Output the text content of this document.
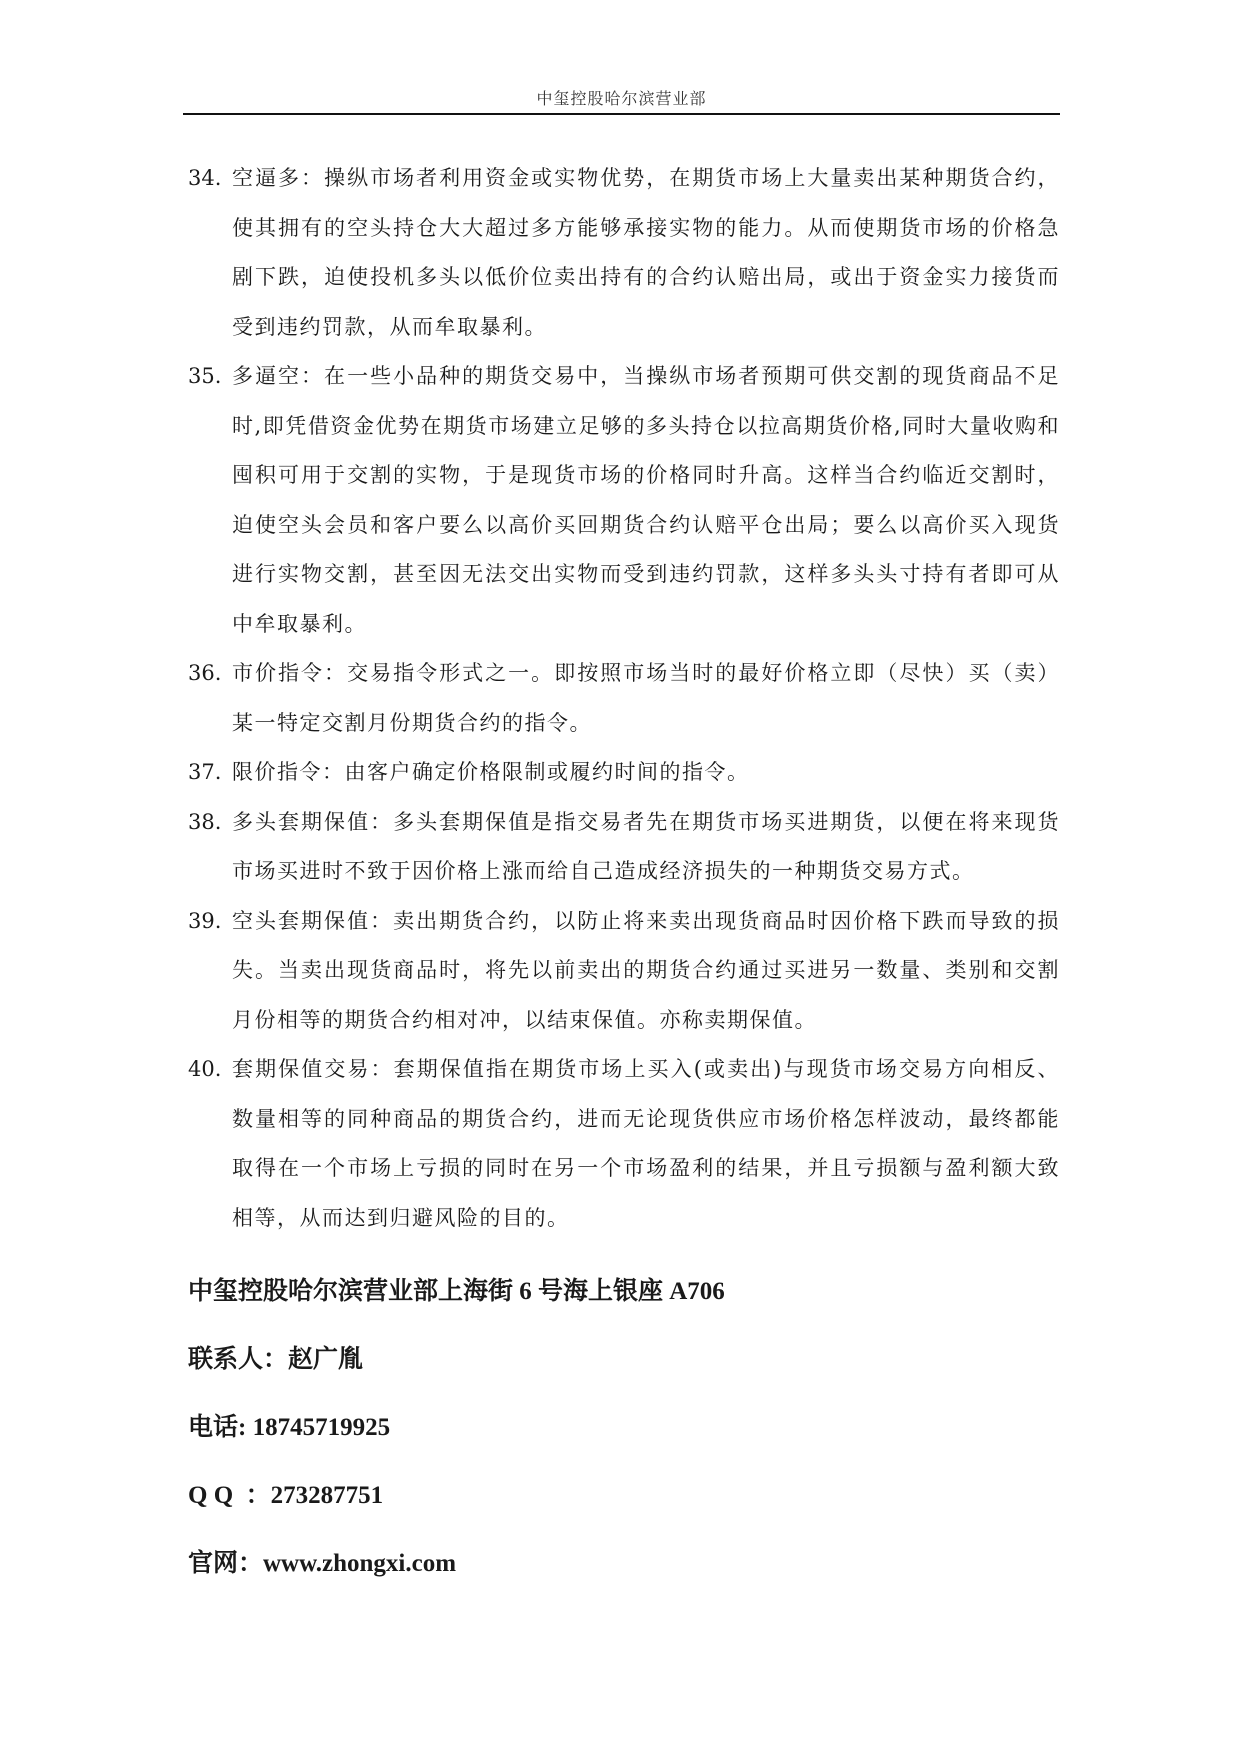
中玺控股哈尔滨营业部
34. 空逼多：操纵市场者利用资金或实物优势，在期货市场上大量卖出某种期货合约，使其拥有的空头持仓大大超过多方能够承接实物的能力。从而使期货市场的价格急剧下跌，迫使投机多头以低价位卖出持有的合约认赔出局，或出于资金实力接货而受到违约罚款，从而牟取暴利。
35. 多逼空：在一些小品种的期货交易中，当操纵市场者预期可供交割的现货商品不足时,即凭借资金优势在期货市场建立足够的多头持仓以拉高期货价格,同时大量收购和囤积可用于交割的实物，于是现货市场的价格同时升高。这样当合约临近交割时，迫使空头会员和客户要么以高价买回期货合约认赔平仓出局；要么以高价买入现货进行实物交割，甚至因无法交出实物而受到违约罚款，这样多头头寸持有者即可从中牟取暴利。
36. 市价指令：交易指令形式之一。即按照市场当时的最好价格立即（尽快）买（卖）某一特定交割月份期货合约的指令。
37. 限价指令：由客户确定价格限制或履约时间的指令。
38. 多头套期保值：多头套期保值是指交易者先在期货市场买进期货，以便在将来现货市场买进时不致于因价格上涨而给自己造成经济损失的一种期货交易方式。
39. 空头套期保值：卖出期货合约，以防止将来卖出现货商品时因价格下跌而导致的损失。当卖出现货商品时，将先以前卖出的期货合约通过买进另一数量、类别和交割月份相等的期货合约相对冲，以结束保值。亦称卖期保值。
40. 套期保值交易：套期保值指在期货市场上买入(或卖出)与现货市场交易方向相反、数量相等的同种商品的期货合约，进而无论现货供应市场价格怎样波动，最终都能取得在一个市场上亏损的同时在另一个市场盈利的结果，并且亏损额与盈利额大致相等，从而达到归避风险的目的。
中玺控股哈尔滨营业部上海街 6 号海上银座 A706
联系人：赵广胤
电话: 18745719925
Q Q  ：273287751
官网：www.zhongxi.com
